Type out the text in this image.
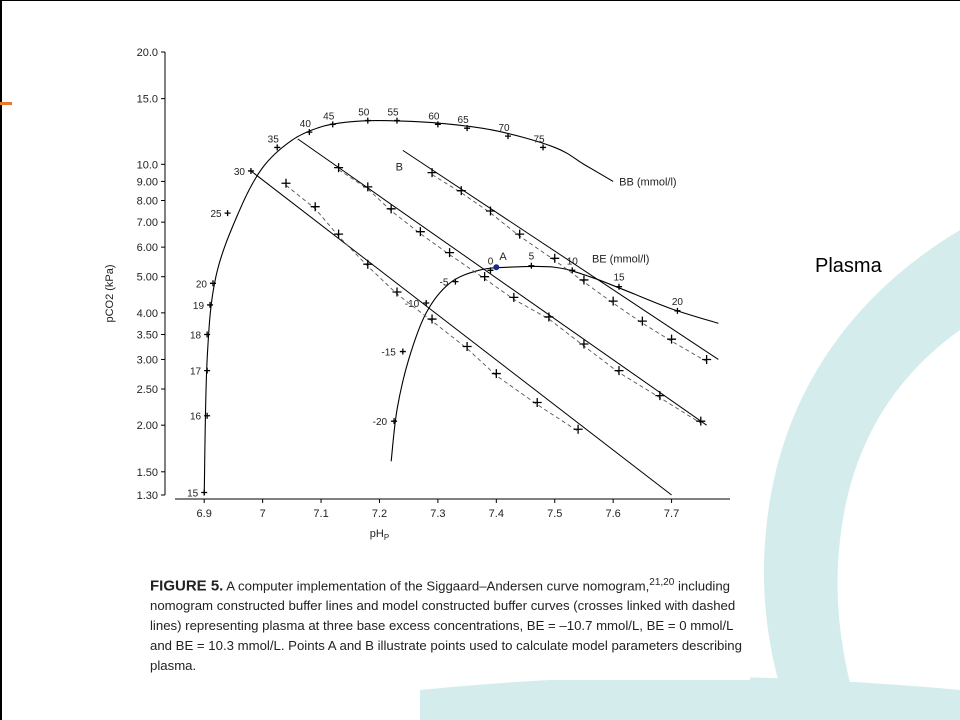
Plasma
20.0
15.0
10.0
9.00
8.00
7.00
6.00
5.00
4.00
3.50
3.00
2.50
2.00
1.50
1.30
pCO2 (kPa)
6.9	7	7.1	7.2	7.3	7.4	7.5	7.6	7.7
$pH_P$
15
16
17
18
19
20
25
30
35
40
45 50 55	60 65
70
75
BB (mmol/l)
-20
-15
-10
-5
0	5	10
15
20
BE (mmol/l)
A
B
FIGURE 5. A computer implementation of the Siggaard–Andersen curve nomogram,$^{21,20}$ including nomogram constructed buffer lines and model constructed buffer curves (crosses linked with dashed lines) representing plasma at three base excess concentrations, BE = –10.7 mmol/L, BE = 0 mmol/L and BE = 10.3 mmol/L. Points A and B illustrate points used to calculate model parameters describing plasma.
